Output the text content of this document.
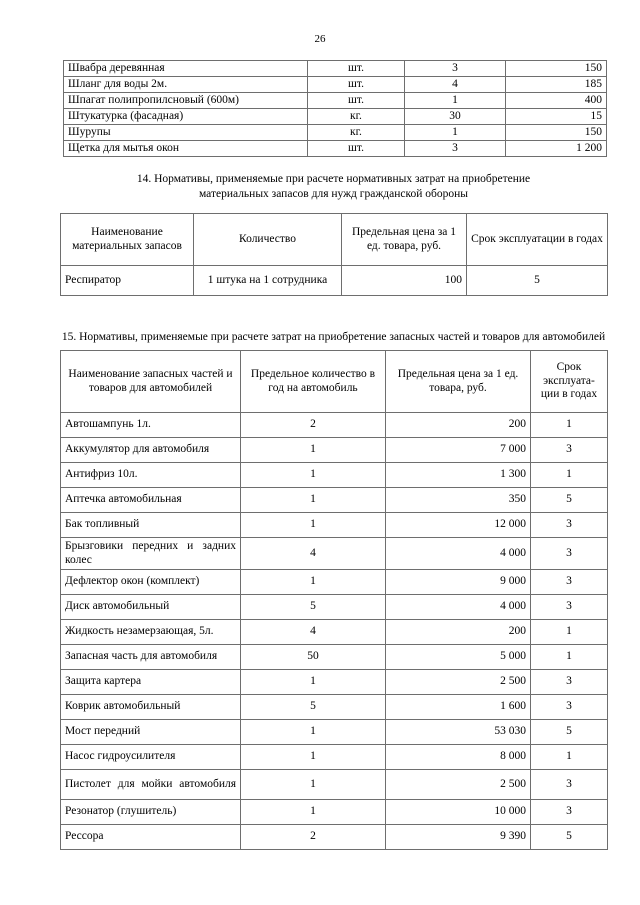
26
Швабра деревянная	шт.	3	150
Шланг для воды 2м.	шт.	4	185
Шпагат полипропилсновый (600м)	шт.	1	400
Штукатурка (фасадная)	кг.	30	15
Шурупы	кг.	1	150
Щетка для мытья окон	шт.	3	1 200
14. Нормативы, применяемые при расчете нормативных затрат на приобретение
материальных запасов для нужд гражданской обороны
Наименование материальных запасов	Количество	Предельная цена за 1 ед. товара, руб.	Срок эксплуатации в годах
Респиратор	1 штука на 1 сотрудника	100	5
15. Нормативы, применяемые при расчете затрат на приобретение запасных частей и товаров для автомобилей
Наименование запасных частей и товаров для автомобилей	Предельное количество в год на автомобиль	Предельная цена за 1 ед. товара, руб.	Срок эксплуата-ции в годах
Автошампунь 1л.	2	200	1
Аккумулятор для автомобиля	1	7 000	3
Антифриз 10л.	1	1 300	1
Аптечка автомобильная	1	350	5
Бак топливный	1	12 000	3
Брызговики передних и задних колес	4	4 000	3
Дефлектор окон (комплект)	1	9 000	3
Диск автомобильный	5	4 000	3
Жидкость незамерзающая, 5л.	4	200	1
Запасная часть для автомобиля	50	5 000	1
Защита картера	1	2 500	3
Коврик автомобильный	5	1 600	3
Мост передний	1	53 030	5
Насос гидроусилителя	1	8 000	1
Пистолет для мойки автомобиля	1	2 500	3
Резонатор (глушитель)	1	10 000	3
Рессора	2	9 390	5
